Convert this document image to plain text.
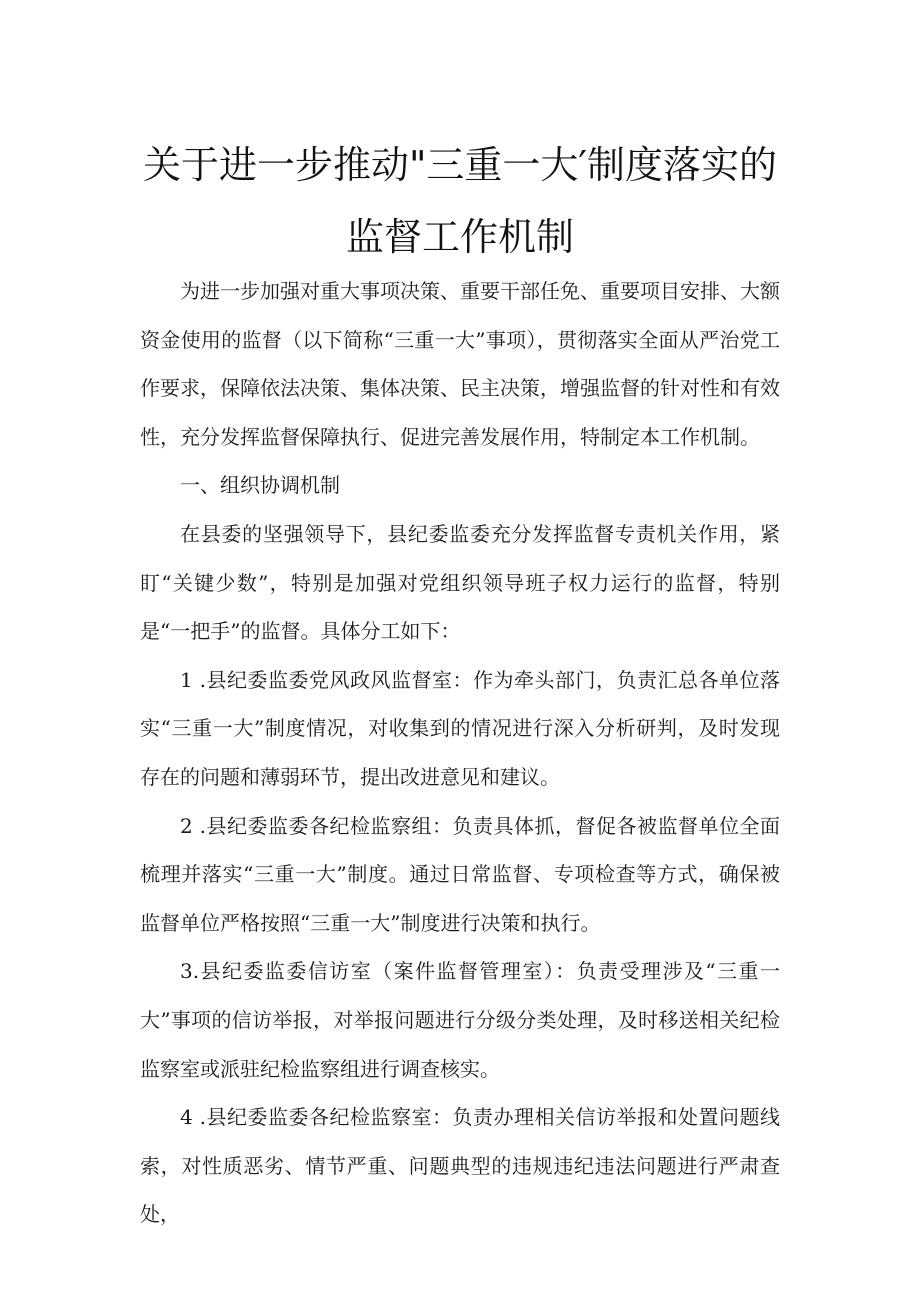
关于进一步推动"三重一大′制度落实的
监督工作机制

为进一步加强对重大事项决策、重要干部任免、重要项目安排、大额资金使用的监督（以下简称“三重一大”事项），贯彻落实全面从严治党工作要求，保障依法决策、集体决策、民主决策，增强监督的针对性和有效性，充分发挥监督保障执行、促进完善发展作用，特制定本工作机制。

一、组织协调机制

在县委的坚强领导下，县纪委监委充分发挥监督专责机关作用，紧盯“关键少数”，特别是加强对党组织领导班子权力运行的监督，特别是“一把手”的监督。具体分工如下：

1 .县纪委监委党风政风监督室：作为牵头部门，负责汇总各单位落实“三重一大”制度情况，对收集到的情况进行深入分析研判，及时发现存在的问题和薄弱环节，提出改进意见和建议。

2 .县纪委监委各纪检监察组：负责具体抓，督促各被监督单位全面梳理并落实“三重一大”制度。通过日常监督、专项检查等方式，确保被监督单位严格按照“三重一大”制度进行决策和执行。

3.县纪委监委信访室（案件监督管理室）：负责受理涉及“三重一大”事项的信访举报，对举报问题进行分级分类处理，及时移送相关纪检监察室或派驻纪检监察组进行调查核实。

4 .县纪委监委各纪检监察室：负责办理相关信访举报和处置问题线索，对性质恶劣、情节严重、问题典型的违规违纪违法问题进行严肃查处，
